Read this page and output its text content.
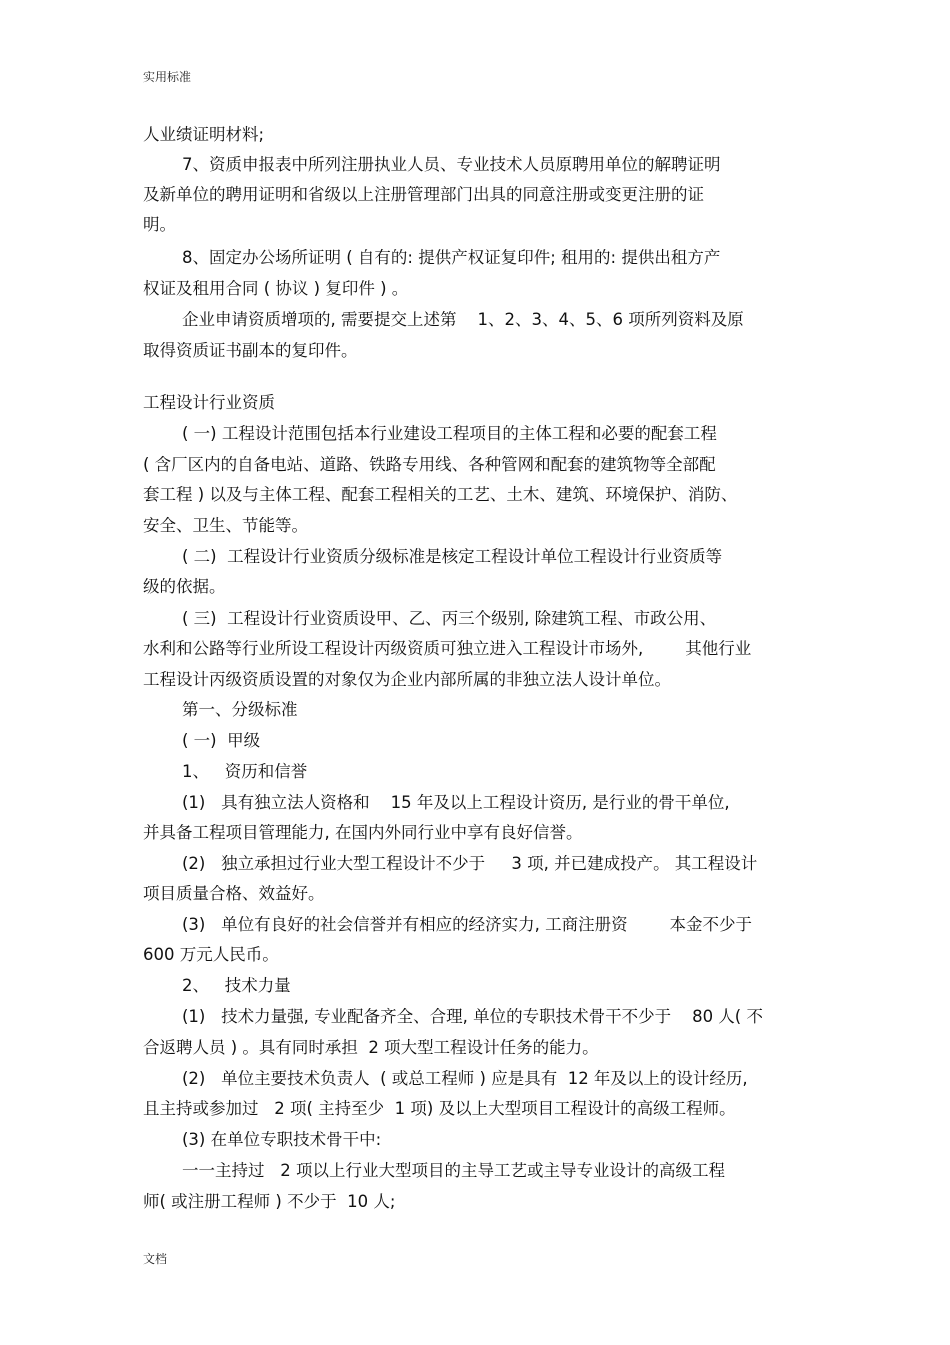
实用标准
人业绩证明材料;
7、资质申报表中所列注册执业人员、专业技术人员原聘用单位的解聘证明
及新单位的聘用证明和省级以上注册管理部门出具的同意注册或变更注册的证
明。
8、固定办公场所证明 ( 自有的: 提供产权证复印件; 租用的: 提供出租方产
权证及租用合同 ( 协议 ) 复印件 ) 。
企业申请资质增项的, 需要提交上述第    1、2、3、4、5、6 项所列资料及原
取得资质证书副本的复印件。
工程设计行业资质
( 一) 工程设计范围包括本行业建设工程项目的主体工程和必要的配套工程
( 含厂区内的自备电站、道路、铁路专用线、各种管网和配套的建筑物等全部配
套工程 ) 以及与主体工程、配套工程相关的工艺、土木、建筑、环境保护、消防、
安全、卫生、节能等。
( 二)  工程设计行业资质分级标准是核定工程设计单位工程设计行业资质等
级的依据。
( 三)  工程设计行业资质设甲、乙、丙三个级别, 除建筑工程、市政公用、
水利和公路等行业所设工程设计丙级资质可独立进入工程设计市场外,        其他行业
工程设计丙级资质设置的对象仅为企业内部所属的非独立法人设计单位。
第一、分级标准
( 一)  甲级
1、   资历和信誉
(1)   具有独立法人资格和    15 年及以上工程设计资历, 是行业的骨干单位,
并具备工程项目管理能力, 在国内外同行业中享有良好信誉。
(2)   独立承担过行业大型工程设计不少于     3 项, 并已建成投产。 其工程设计
项目质量合格、效益好。
(3)   单位有良好的社会信誉并有相应的经济实力, 工商注册资        本金不少于
600 万元人民币。
2、   技术力量
(1)   技术力量强, 专业配备齐全、合理, 单位的专职技术骨干不少于    80 人( 不
合返聘人员 ) 。具有同时承担  2 项大型工程设计任务的能力。
(2)   单位主要技术负责人  ( 或总工程师 ) 应是具有  12 年及以上的设计经历,
且主持或参加过   2 项( 主持至少  1 项) 及以上大型项目工程设计的高级工程师。
(3) 在单位专职技术骨干中:
一一主持过   2 项以上行业大型项目的主导工艺或主导专业设计的高级工程
师( 或注册工程师 ) 不少于  10 人;
文档
